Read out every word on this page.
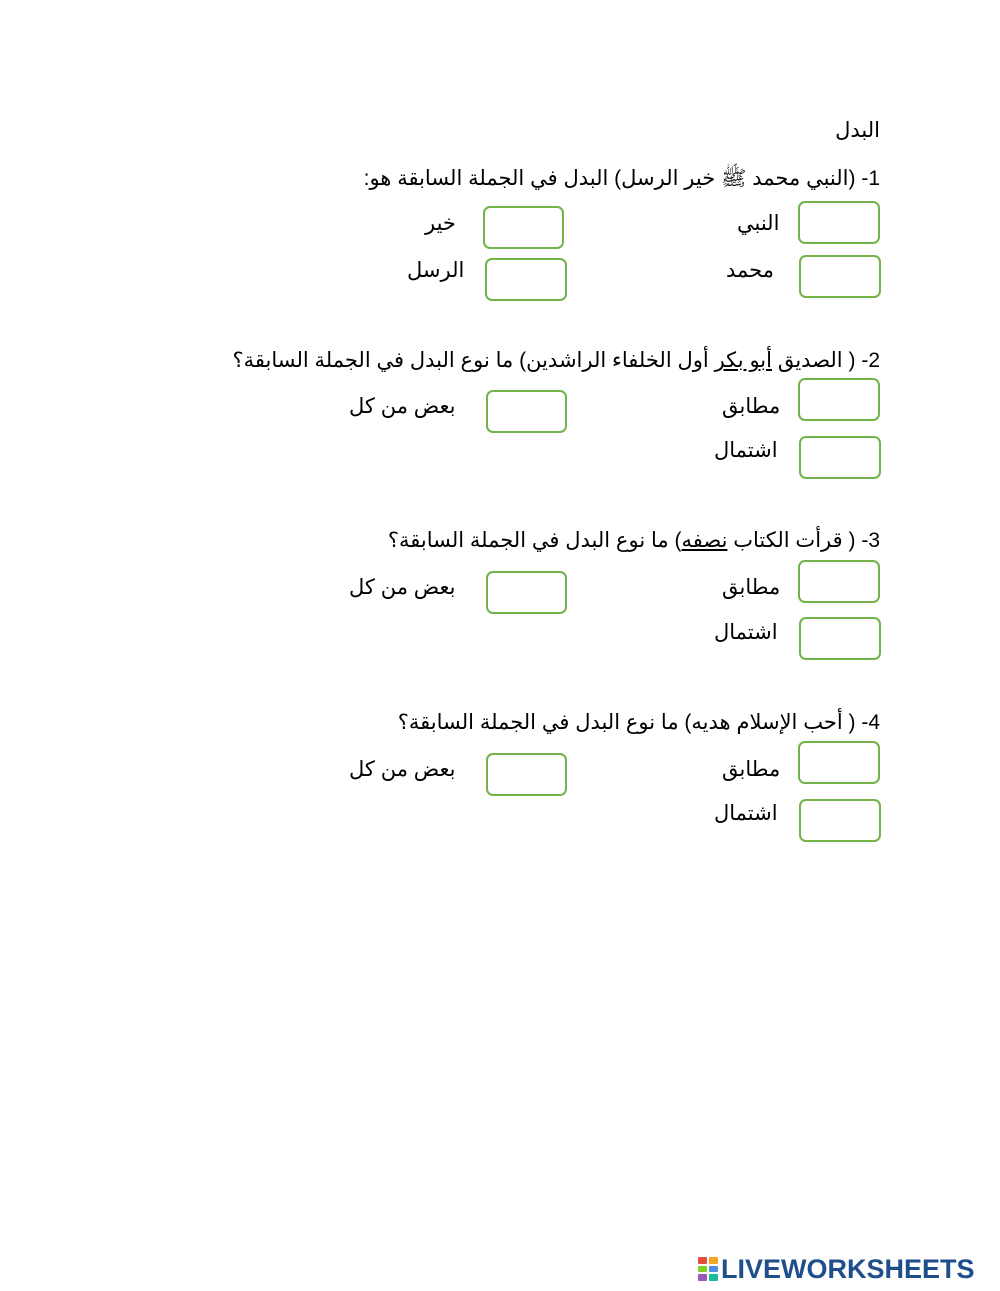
البدل
1- (النبي محمد ﷺ خير الرسل) البدل في الجملة السابقة هو:
النبي
خير
محمد
الرسل
2- ( الصديق أبو بكر أول الخلفاء الراشدين) ما نوع البدل في الجملة السابقة؟
مطابق
بعض من كل
اشتمال
3- ( قرأت الكتاب نصفه) ما نوع البدل في الجملة السابقة؟
مطابق
بعض من كل
اشتمال
4- ( أحب الإسلام هديه) ما نوع البدل في الجملة السابقة؟
مطابق
بعض من كل
اشتمال
LIVEWORKSHEETS
